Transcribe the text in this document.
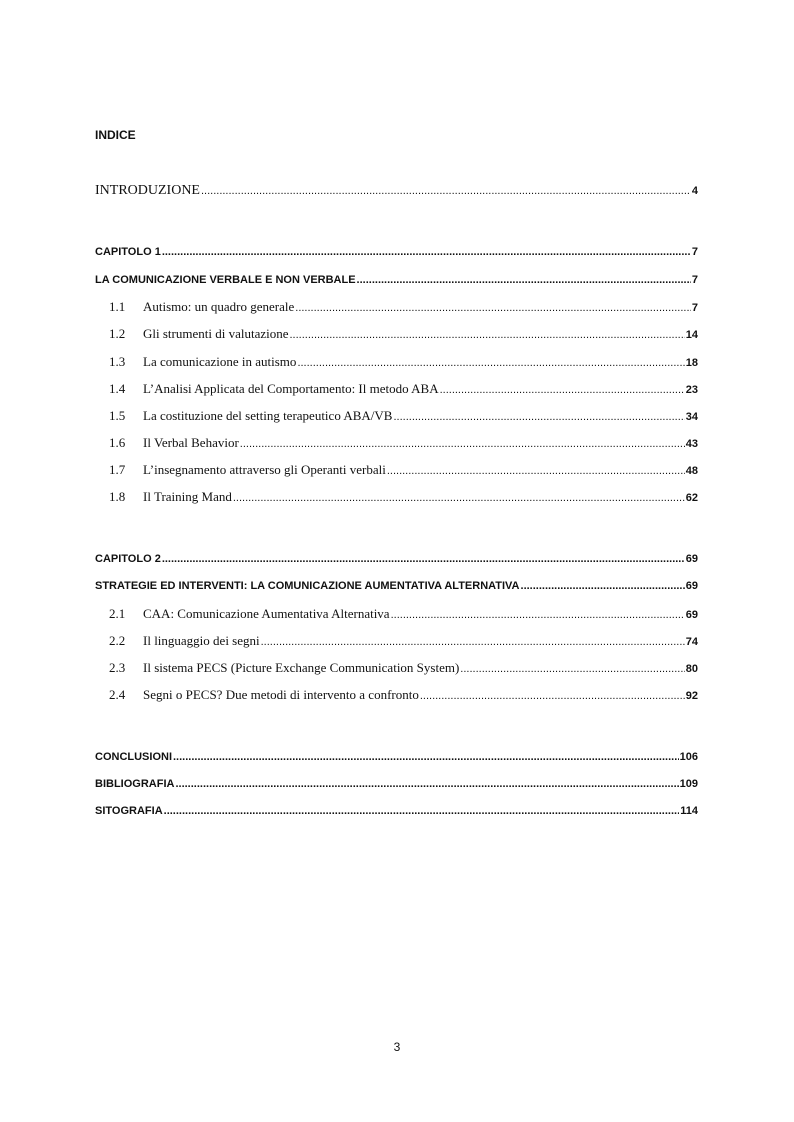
INDICE
INTRODUZIONE .....	4
CAPITOLO 1 .....	7
LA COMUNICAZIONE VERBALE E NON VERBALE .....	7
1.1	Autismo: un quadro generale .....	7
1.2	Gli strumenti di valutazione .....	14
1.3	La comunicazione in autismo .....	18
1.4	L’Analisi Applicata del Comportamento: Il metodo ABA .....	23
1.5	La costituzione del setting terapeutico ABA/VB .....	34
1.6	Il Verbal Behavior .....	43
1.7	L’insegnamento attraverso gli Operanti verbali .....	48
1.8	Il Training Mand .....	62
CAPITOLO 2 .....	69
STRATEGIE ED INTERVENTI: LA COMUNICAZIONE AUMENTATIVA ALTERNATIVA .....	69
2.1	CAA: Comunicazione Aumentativa Alternativa .....	69
2.2	Il linguaggio dei segni .....	74
2.3	Il sistema PECS (Picture Exchange Communication System) .....	80
2.4	Segni o PECS? Due metodi di intervento a confronto .....	92
CONCLUSIONI .....	106
BIBLIOGRAFIA .....	109
SITOGRAFIA .....	114
3
